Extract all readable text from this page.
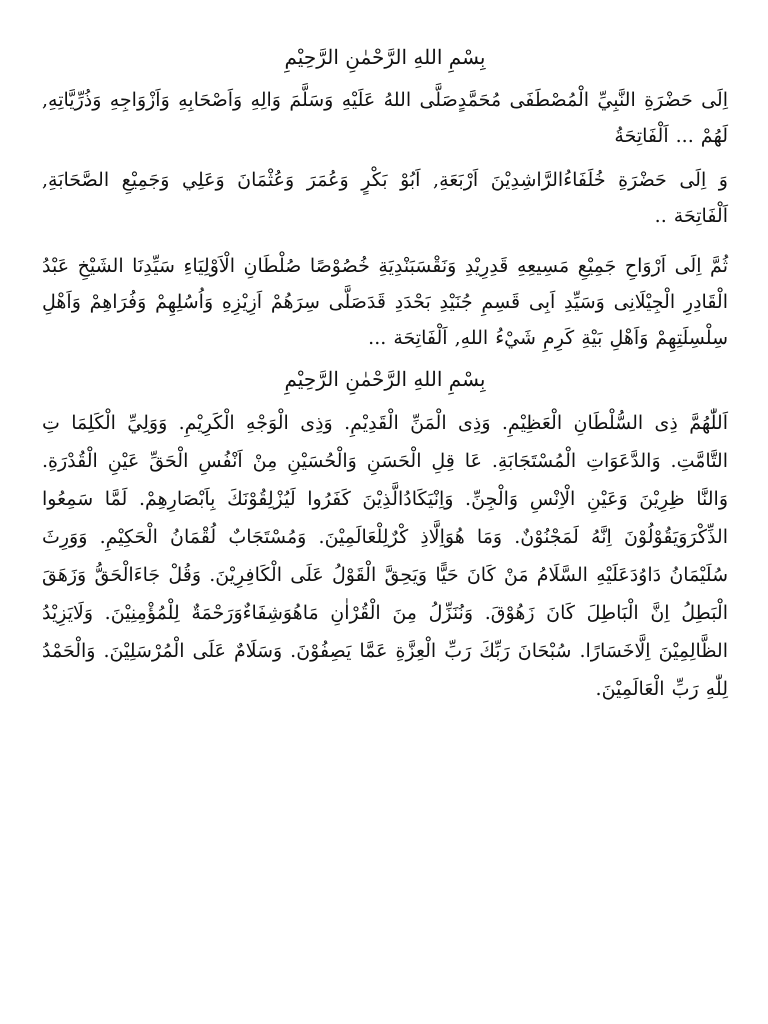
بِسْمِ اللهِ الرَّحْمٰنِ الرَّحِيْمِ

اِلَى حَضْرَةِ النَّبِيِّ الْمُصْطَفَى مُحَمَّدٍصَلَّى اللهُ عَلَيْهِ وَسَلَّمَ وَالِهِ وَاَصْحَابِهِ وَاَزْوَاجِهِ وَذُرِّيَّاتِهِ, لَهُمْ ... اَلْفَاتِحَةُ

وَ اِلَى حَضْرَةِ خُلَفَاءُالرَّاشِدِيْنَ اَرْبَعَةِ, اَبُوْ بَكْرٍ وَعُمَرَ وَعُثْمَانَ وَعَلِي وَجَمِيْعِ الصَّحَابَةِ, اَلْفَاتِحَة ..

ثُمَّ اِلَى اَرْوَاحِ جَمِيْعِ مَسِيعِهِ قَدِرِيْدِ وَنَقْسَبَنْدِيَةِ خُصُوْصًا صُلْطَانِ الْاَوْلِيَاءِ سَيِّدِنَا الشَيْخِ عَبْدُ الْقَادِرِ الْجِيْلَانِى وَسَيِّدِ اَبِى قَسِمِ جُنَيْدِ بَحْدَدِ قَدَصَلَّى سِرَهُمْ اَزِيْزِهِ وَاُسُلِهِمْ وَفُرَاهِمْ وَاَهْلِ سِلْسِلَتِهِمْ وَاَهْلِ بَيْةِ كَرِمِ شَيْءُ اللهِ, اَلْفَاتِحَة ...

بِسْمِ اللهِ الرَّحْمٰنِ الرَّحِيْمِ

اَللّٰهُمَّ ذِى السُّلْطَانِ الْعَظِيْمِ. وَذِى الْمَنِّ الْقَدِيْمِ. وَذِى الْوَجْهِ الْكَرِيْمِ. وَوَلِيِّ الْكَلِمَا تِ التَّامَّتِ. وَالدَّعَوَاتِ الْمُسْتَجَابَةِ. عَا قِلِ الْحَسَنِ وَالْحُسَيْنِ مِنْ اَنْفُسِ الْحَقِّ عَيْنِ الْقُدْرَةِ. وَالنَّا ظِرِيْنَ وَعَيْنِ الْاِنْسِ وَالْجِنِّ. وَاِنْيَكَادُالَّذِيْنَ كَفَرُوا لَيُزْلِقُوْنَكَ بِاَبْصَارِهِمْ. لَمَّا سَمِعُوا الذِّكْرَوَيَقُوْلُوْنَ اِنَّهُ لَمَجْنُوْنٌ. وَمَا هُوَاِلَّاذِ كْرٌلِلْعَالَمِيْنَ. وَمُسْتَجَابٌ لُقْمَانُ الْحَكِيْمِ. وَوَرِثَ سُلَيْمَانُ دَاوُدَعَلَيْهِ السَّلَامُ مَنْ كَانَ حَيًّا وَيَحِقَّ الْقَوْلُ عَلَى الْكَافِرِيْنَ. وَقُلْ جَاءَالْحَقُّ وَزَهَقَ الْبَطِلُ اِنَّ الْبَاطِلَ كَانَ زَهُوْقَ. وَنُنَزِّلُ مِنَ الْقُرْاٰنِ مَاهُوَشِفَاءٌوَرَحْمَةٌ لِلْمُؤْمِنِيْنَ. وَلَايَزِيْدُ الظَّالِمِيْنَ اِلَّاخَسَارًا. سُبْحَانَ رَبِّكَ رَبِّ الْعِزَّةِ عَمَّا يَصِفُوْنَ. وَسَلَامٌ عَلَى الْمُرْسَلِيْنَ. وَالْحَمْدُ لِلّٰهِ رَبِّ الْعَالَمِيْنَ.
